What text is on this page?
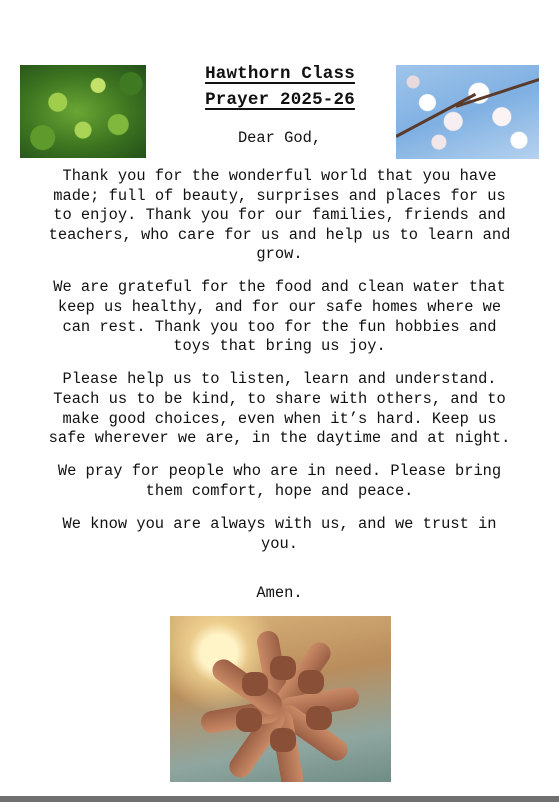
Hawthorn Class
Prayer 2025-26
Dear God,

Thank you for the wonderful world that you have made; full of beauty, surprises and places for us to enjoy. Thank you for our families, friends and teachers, who care for us and help us to learn and grow.

We are grateful for the food and clean water that keep us healthy, and for our safe homes where we can rest. Thank you too for the fun hobbies and toys that bring us joy.

Please help us to listen, learn and understand. Teach us to be kind, to share with others, and to make good choices, even when it’s hard. Keep us safe wherever we are, in the daytime and at night.

We pray for people who are in need. Please bring them comfort, hope and peace.

We know you are always with us, and we trust in you.

Amen.
